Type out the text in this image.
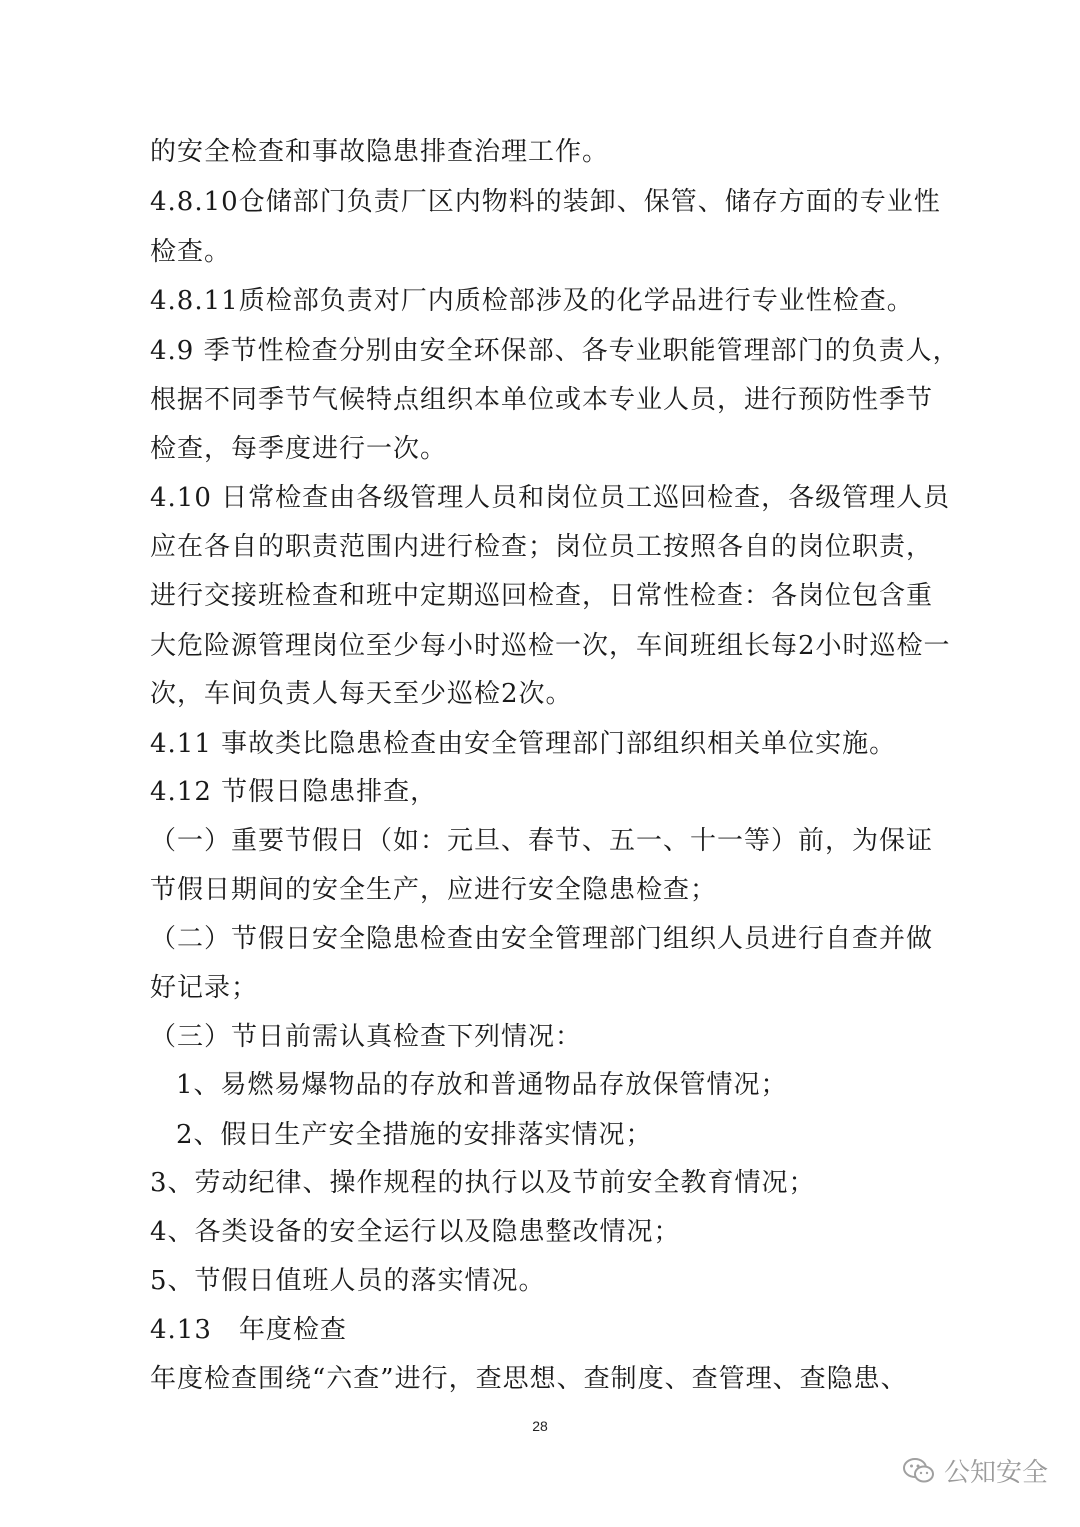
的安全检查和事故隐患排查治理工作。
4.8.10仓储部门负责厂区内物料的装卸、保管、储存方面的专业性
检查。
4.8.11质检部负责对厂内质检部涉及的化学品进行专业性检查。
4.9 季节性检查分别由安全环保部、各专业职能管理部门的负责人，
根据不同季节气候特点组织本单位或本专业人员，进行预防性季节
检查，每季度进行一次。
4.10 日常检查由各级管理人员和岗位员工巡回检查，各级管理人员
应在各自的职责范围内进行检查；岗位员工按照各自的岗位职责，
进行交接班检查和班中定期巡回检查，日常性检查：各岗位包含重
大危险源管理岗位至少每小时巡检一次，车间班组长每2小时巡检一
次，车间负责人每天至少巡检2次。
4.11 事故类比隐患检查由安全管理部门部组织相关单位实施。
4.12 节假日隐患排查，
（一）重要节假日（如：元旦、春节、五一、十一等）前，为保证
节假日期间的安全生产，应进行安全隐患检查；
（二）节假日安全隐患检查由安全管理部门组织人员进行自查并做
好记录；
（三）节日前需认真检查下列情况：
1、易燃易爆物品的存放和普通物品存放保管情况；
2、假日生产安全措施的安排落实情况；
3、劳动纪律、操作规程的执行以及节前安全教育情况；
4、各类设备的安全运行以及隐患整改情况；
5、节假日值班人员的落实情况。
4.13　年度检查
年度检查围绕“六查”进行，查思想、查制度、查管理、查隐患、
28
公知安全
